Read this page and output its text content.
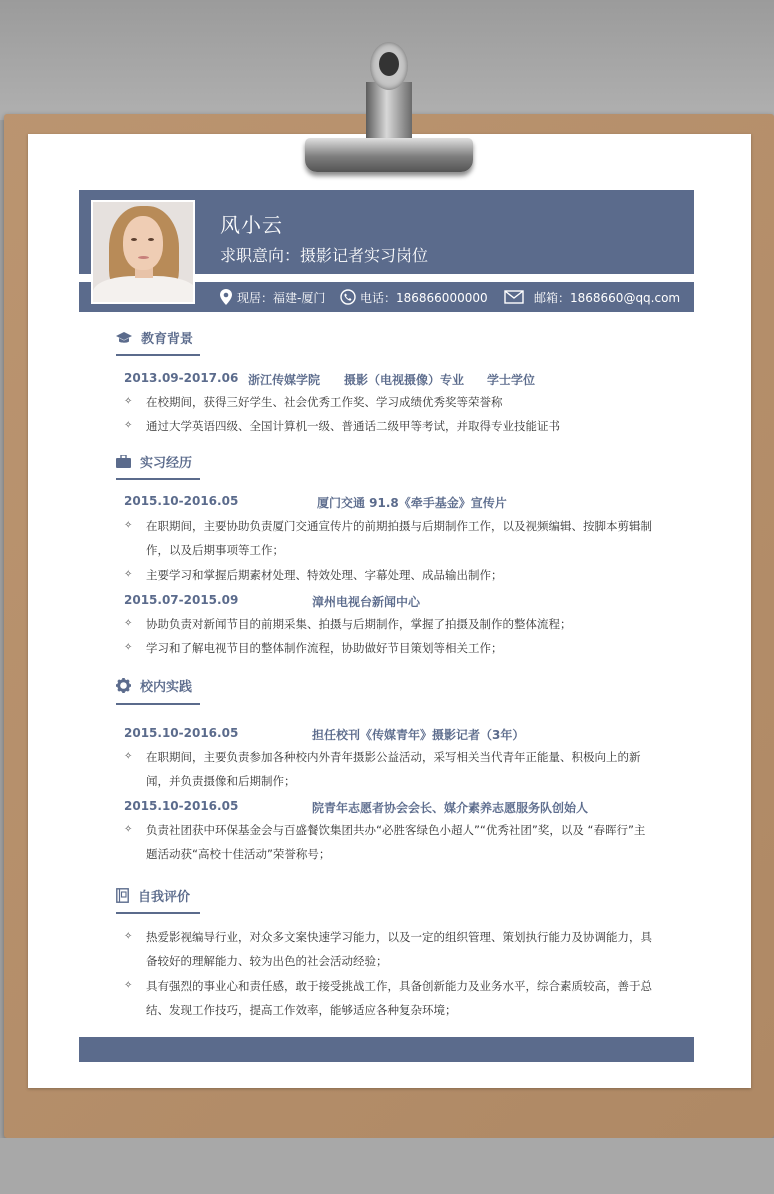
风小云
求职意向：摄影记者实习岗位
现居：福建-厦门	电话：186866000000	邮箱：1868660@qq.com
教育背景
2013.09-2017.06 浙江传媒学院 摄影（电视摄像）专业 学士学位
✧	在校期间，获得三好学生、社会优秀工作奖、学习成绩优秀奖等荣誉称
✧	通过大学英语四级、全国计算机一级、普通话二级甲等考试，并取得专业技能证书
实习经历
2015.10-2016.05	厦门交通 91.8《牵手基金》宣传片
✧	在职期间，主要协助负责厦门交通宣传片的前期拍摄与后期制作工作，以及视频编辑、按脚本剪辑制作，以及后期事项等工作；
✧	主要学习和掌握后期素材处理、特效处理、字幕处理、成品输出制作；
2015.07-2015.09	漳州电视台新闻中心
✧	协助负责对新闻节目的前期采集、拍摄与后期制作，掌握了拍摄及制作的整体流程；
✧	学习和了解电视节目的整体制作流程，协助做好节目策划等相关工作；
校内实践
2015.10-2016.05	担任校刊《传媒青年》摄影记者（3年）
✧	在职期间，主要负责参加各种校内外青年摄影公益活动，采写相关当代青年正能量、积极向上的新闻，并负责摄像和后期制作；
2015.10-2016.05	院青年志愿者协会会长、媒介素养志愿服务队创始人
✧	负责社团获中环保基金会与百盛餐饮集团共办“必胜客绿色小超人”“优秀社团”奖，以及 “春晖行”主题活动获“高校十佳活动”荣誉称号；
自我评价
✧	热爱影视编导行业，对众多文案快速学习能力，以及一定的组织管理、策划执行能力及协调能力，具备较好的理解能力、较为出色的社会活动经验；
✧	具有强烈的事业心和责任感，敢于接受挑战工作，具备创新能力及业务水平，综合素质较高，善于总结、发现工作技巧，提高工作效率，能够适应各种复杂环境；
